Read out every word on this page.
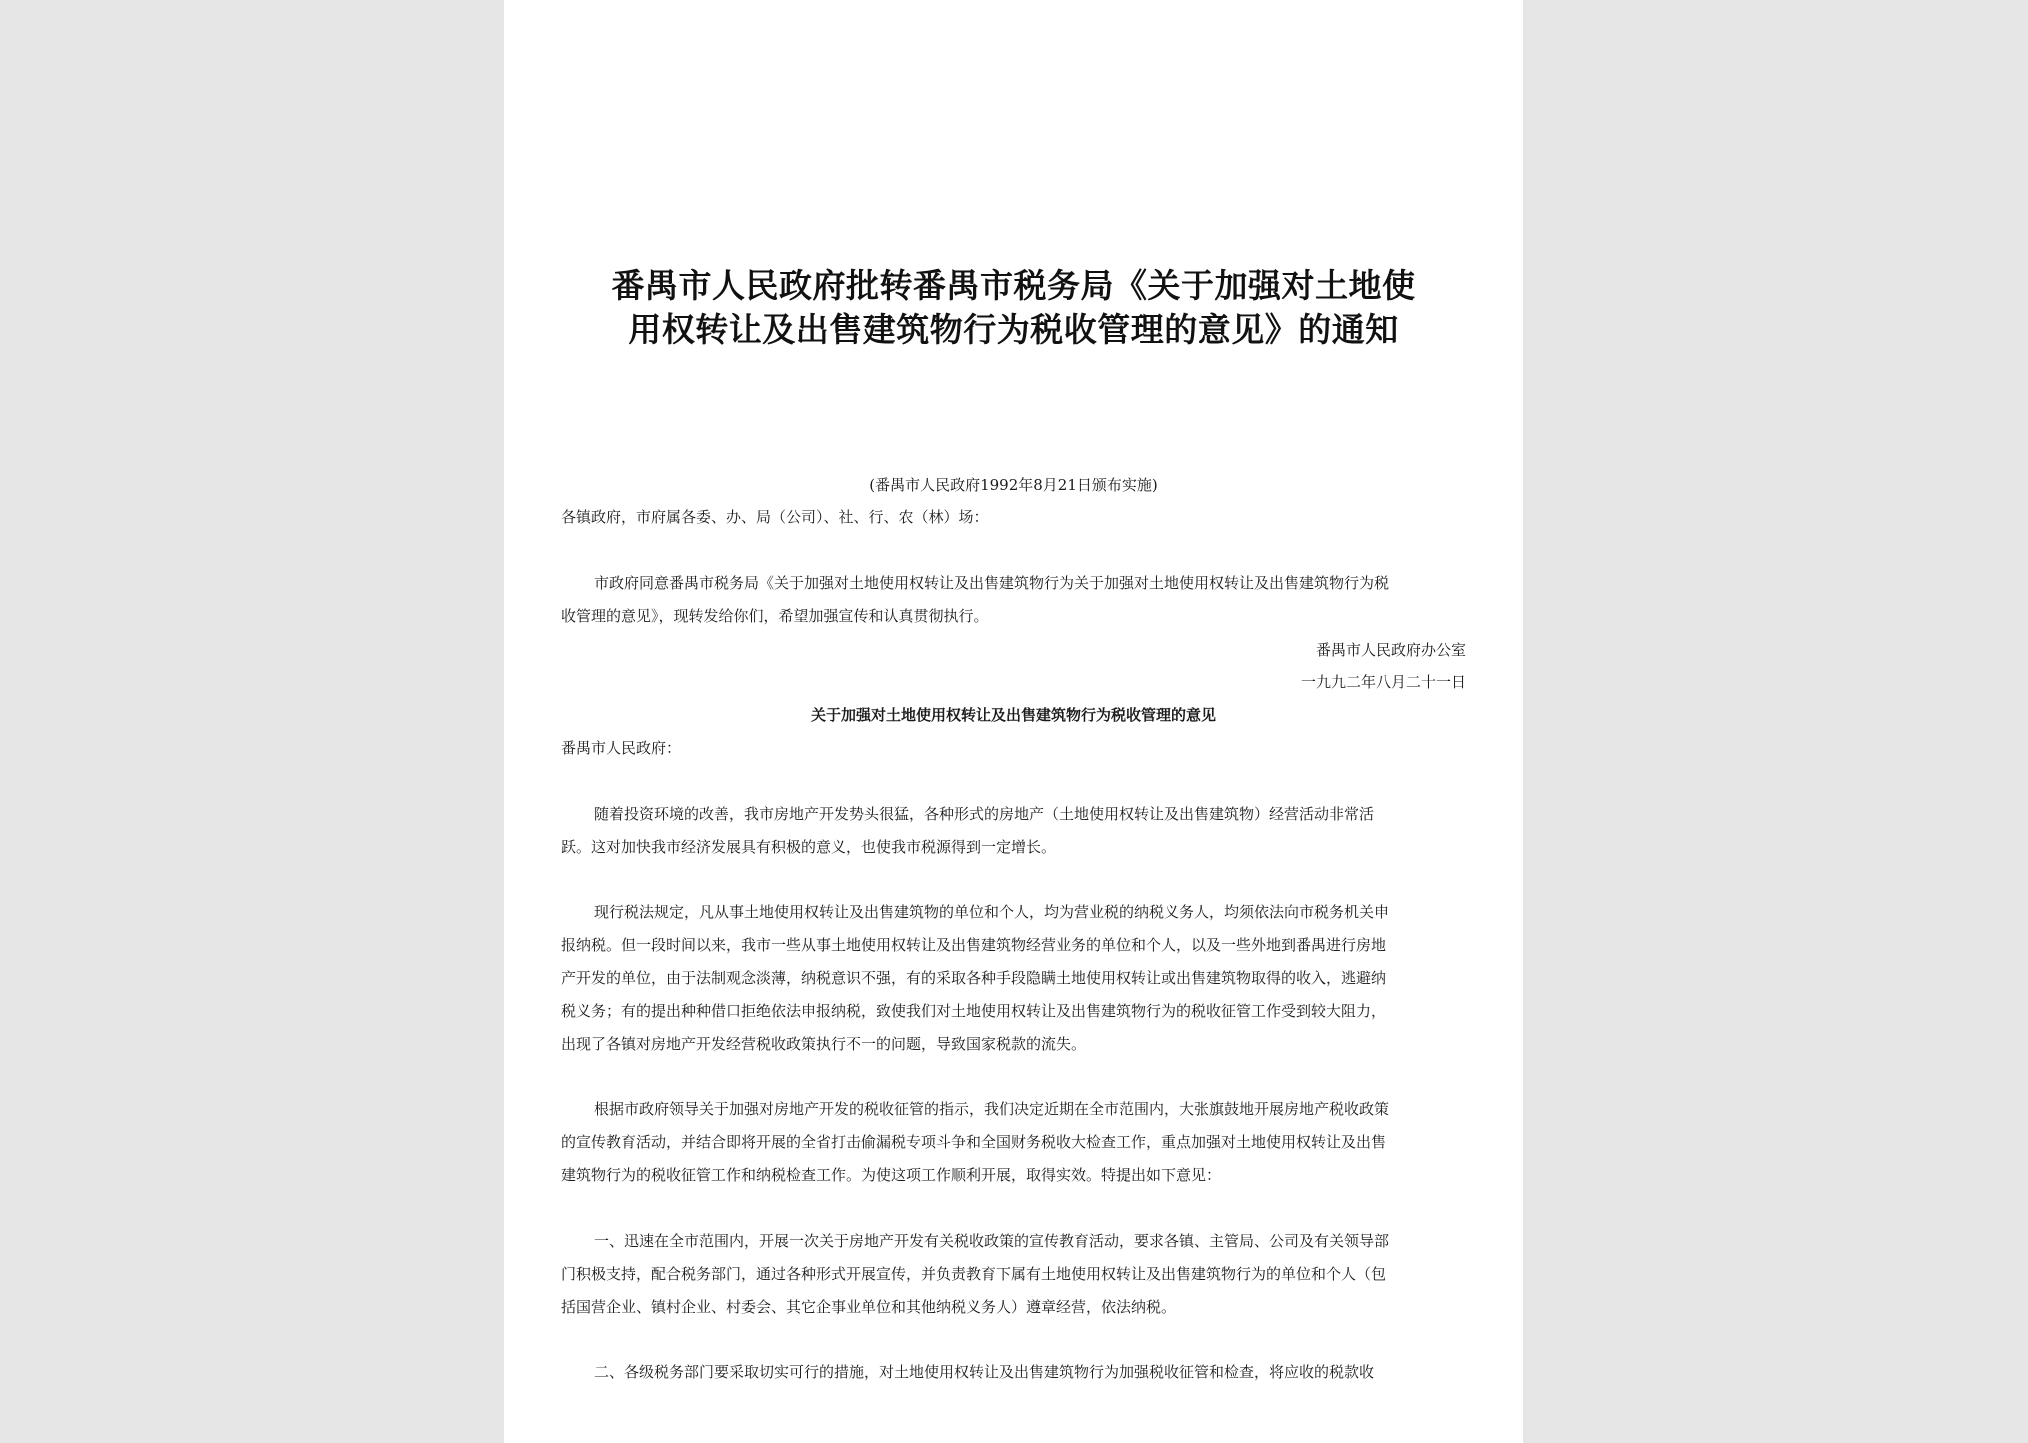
番禺市人民政府批转番禺市税务局《关于加强对土地使
用权转让及出售建筑物行为税收管理的意见》的通知
(番禺市人民政府1992年8月21日颁布实施)
各镇政府，市府属各委、办、局（公司）、社、行、农（林）场：
市政府同意番禺市税务局《关于加强对土地使用权转让及出售建筑物行为关于加强对土地使用权转让及出售建筑物行为税
收管理的意见》，现转发给你们，希望加强宣传和认真贯彻执行。
番禺市人民政府办公室
一九九二年八月二十一日
关于加强对土地使用权转让及出售建筑物行为税收管理的意见
番禺市人民政府：
随着投资环境的改善，我市房地产开发势头很猛，各种形式的房地产（土地使用权转让及出售建筑物）经营活动非常活
跃。这对加快我市经济发展具有积极的意义，也使我市税源得到一定增长。
现行税法规定，凡从事土地使用权转让及出售建筑物的单位和个人，均为营业税的纳税义务人，均须依法向市税务机关申
报纳税。但一段时间以来，我市一些从事土地使用权转让及出售建筑物经营业务的单位和个人，以及一些外地到番禺进行房地
产开发的单位，由于法制观念淡薄，纳税意识不强，有的采取各种手段隐瞒土地使用权转让或出售建筑物取得的收入，逃避纳
税义务；有的提出种种借口拒绝依法申报纳税，致使我们对土地使用权转让及出售建筑物行为的税收征管工作受到较大阻力，
出现了各镇对房地产开发经营税收政策执行不一的问题，导致国家税款的流失。
根据市政府领导关于加强对房地产开发的税收征管的指示，我们决定近期在全市范围内，大张旗鼓地开展房地产税收政策
的宣传教育活动，并结合即将开展的全省打击偷漏税专项斗争和全国财务税收大检查工作，重点加强对土地使用权转让及出售
建筑物行为的税收征管工作和纳税检查工作。为使这项工作顺利开展，取得实效。特提出如下意见：
一、迅速在全市范围内，开展一次关于房地产开发有关税收政策的宣传教育活动，要求各镇、主管局、公司及有关领导部
门积极支持，配合税务部门，通过各种形式开展宣传，并负责教育下属有土地使用权转让及出售建筑物行为的单位和个人（包
括国营企业、镇村企业、村委会、其它企事业单位和其他纳税义务人）遵章经营，依法纳税。
二、各级税务部门要采取切实可行的措施，对土地使用权转让及出售建筑物行为加强税收征管和检查，将应收的税款收
